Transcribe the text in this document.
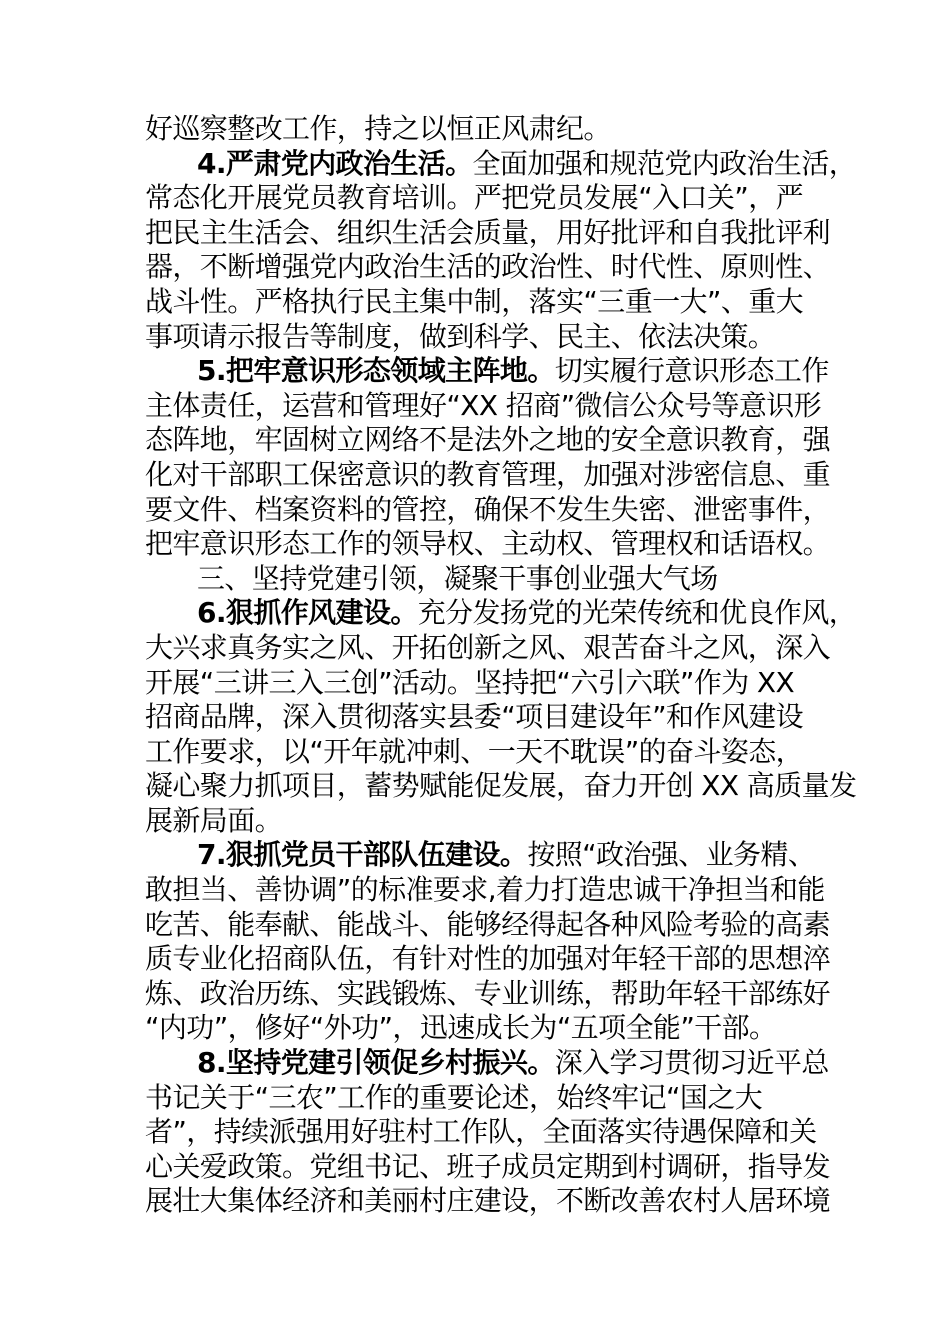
好巡察整改工作，持之以恒正风肃纪。
4.严肃党内政治生活。全面加强和规范党内政治生活，
常态化开展党员教育培训。严把党员发展“入口关”，严
把民主生活会、组织生活会质量，用好批评和自我批评利
器，不断增强党内政治生活的政治性、时代性、原则性、
战斗性。严格执行民主集中制，落实“三重一大”、重大
事项请示报告等制度，做到科学、民主、依法决策。
5.把牢意识形态领域主阵地。切实履行意识形态工作
主体责任，运营和管理好“XX 招商”微信公众号等意识形
态阵地，牢固树立网络不是法外之地的安全意识教育，强
化对干部职工保密意识的教育管理，加强对涉密信息、重
要文件、档案资料的管控，确保不发生失密、泄密事件，
把牢意识形态工作的领导权、主动权、管理权和话语权。
三、坚持党建引领，凝聚干事创业强大气场
6.狠抓作风建设。充分发扬党的光荣传统和优良作风，
大兴求真务实之风、开拓创新之风、艰苦奋斗之风，深入
开展“三讲三入三创”活动。坚持把“六引六联”作为 XX
招商品牌，深入贯彻落实县委“项目建设年”和作风建设
工作要求，以“开年就冲刺、一天不耽误”的奋斗姿态，
凝心聚力抓项目，蓄势赋能促发展，奋力开创 XX 高质量发
展新局面。
7.狠抓党员干部队伍建设。按照“政治强、业务精、
敢担当、善协调”的标准要求,着力打造忠诚干净担当和能
吃苦、能奉献、能战斗、能够经得起各种风险考验的高素
质专业化招商队伍，有针对性的加强对年轻干部的思想淬
炼、政治历练、实践锻炼、专业训练，帮助年轻干部练好
“内功”，修好“外功”，迅速成长为“五项全能”干部。
8.坚持党建引领促乡村振兴。深入学习贯彻习近平总
书记关于“三农”工作的重要论述，始终牢记“国之大
者”，持续派强用好驻村工作队，全面落实待遇保障和关
心关爱政策。党组书记、班子成员定期到村调研，指导发
展壮大集体经济和美丽村庄建设，不断改善农村人居环境
